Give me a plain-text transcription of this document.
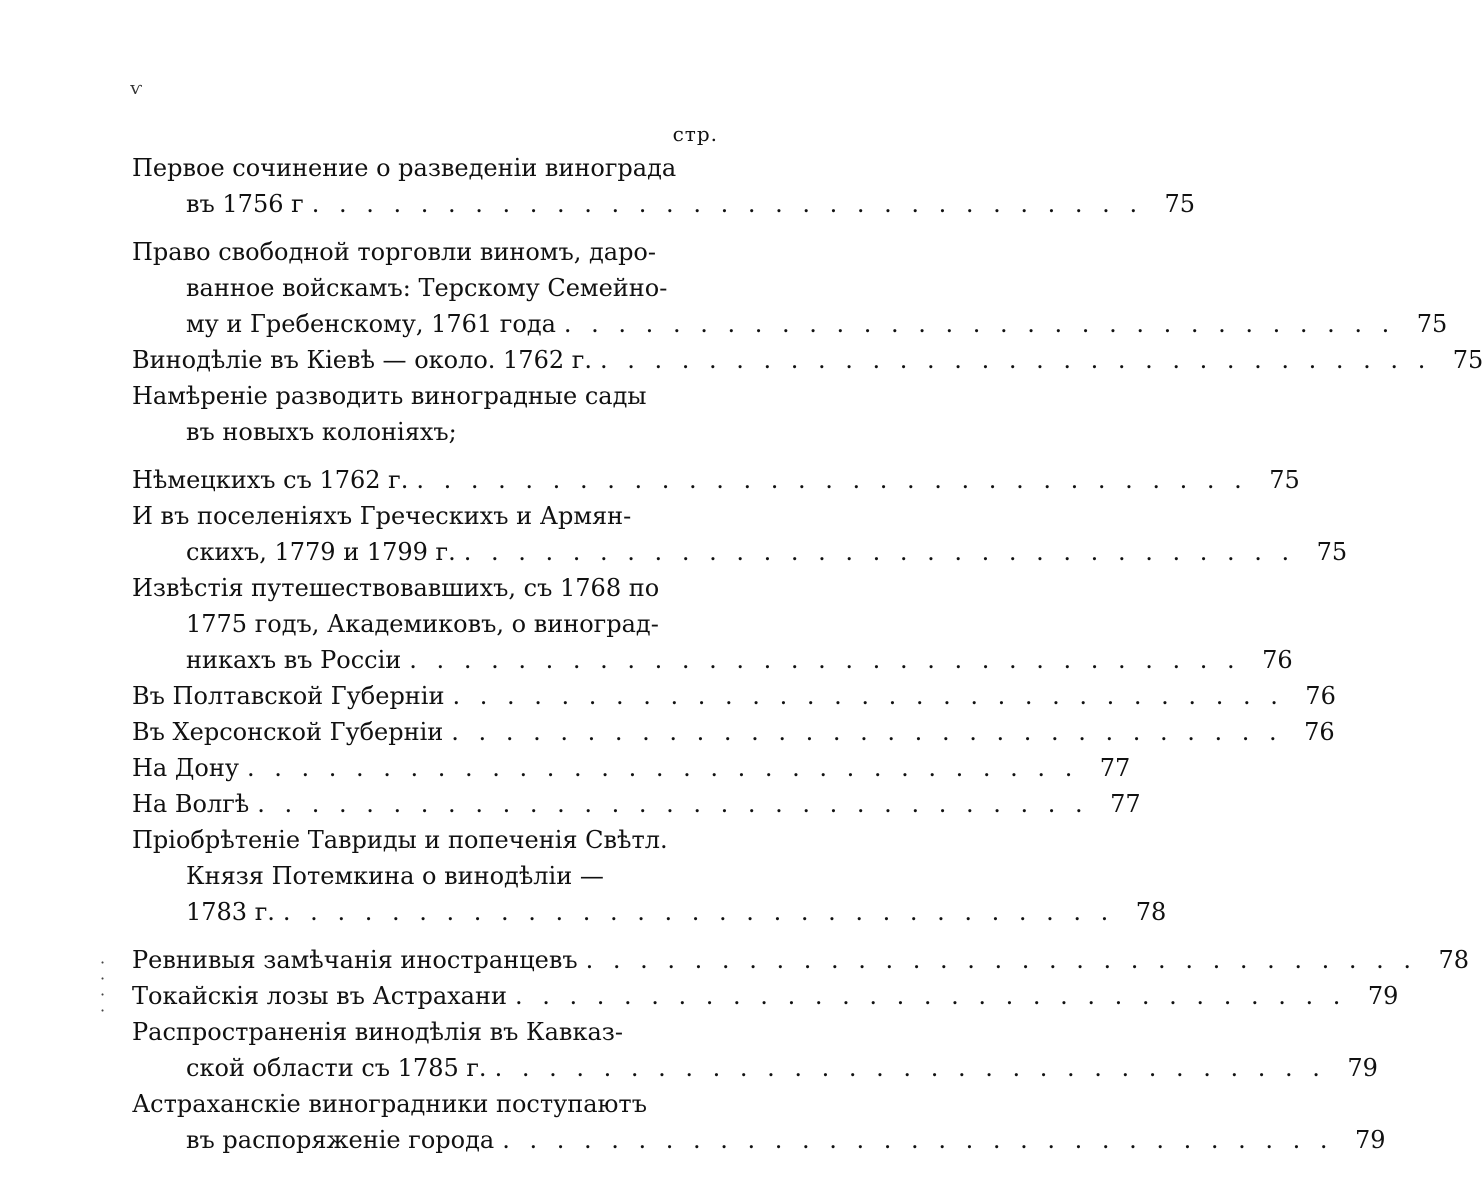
ѵ
·
·
·
·
стр.
Первое сочинение о разведенiи винограда
въ 1756 г . . . . . . . . . . . . . . . . . . . . . . . . . . . . . . . 75
Право свободной торговли виномъ, даро-
ванное войскамъ: Терскому Семейно-
му и Гребенскому, 1761 года . . . . . . . . . . . . . . . . . . . . . . . . . . . . . . . 75
Винодѣлiе въ Кiевѣ — около. 1762 г. . . . . . . . . . . . . . . . . . . . . . . . . . . . . . . . 75
Намѣренiе разводить виноградные сады
въ новыхъ колонiяхъ;
Нѣмецкихъ съ 1762 г. . . . . . . . . . . . . . . . . . . . . . . . . . . . . . . . 75
И въ поселенiяхъ Греческихъ и Армян-
скихъ, 1779 и 1799 г. . . . . . . . . . . . . . . . . . . . . . . . . . . . . . . . 75
Извѣстiя путешествовавшихъ, съ 1768 по
1775 годъ, Академиковъ, о виноград-
никахъ въ Россiи . . . . . . . . . . . . . . . . . . . . . . . . . . . . . . . 76
Въ Полтавской Губернiи . . . . . . . . . . . . . . . . . . . . . . . . . . . . . . . 76
Въ Херсонской Губернiи . . . . . . . . . . . . . . . . . . . . . . . . . . . . . . . 76
На Дону . . . . . . . . . . . . . . . . . . . . . . . . . . . . . . . 77
На Волгѣ . . . . . . . . . . . . . . . . . . . . . . . . . . . . . . . 77
Прiобрѣтенiе Тавриды и попеченiя Свѣтл.
Князя Потемкина о винодѣлiи —
1783 г. . . . . . . . . . . . . . . . . . . . . . . . . . . . . . . . 78
Ревнивыя замѣчанiя иностранцевъ . . . . . . . . . . . . . . . . . . . . . . . . . . . . . . . 78
Токайскiя лозы въ Астрахани . . . . . . . . . . . . . . . . . . . . . . . . . . . . . . . 79
Распространенiя винодѣлiя въ Кавказ-
ской области съ 1785 г. . . . . . . . . . . . . . . . . . . . . . . . . . . . . . . . 79
Астраханскiе виноградники поступаютъ
въ распоряженiе города . . . . . . . . . . . . . . . . . . . . . . . . . . . . . . . 79
